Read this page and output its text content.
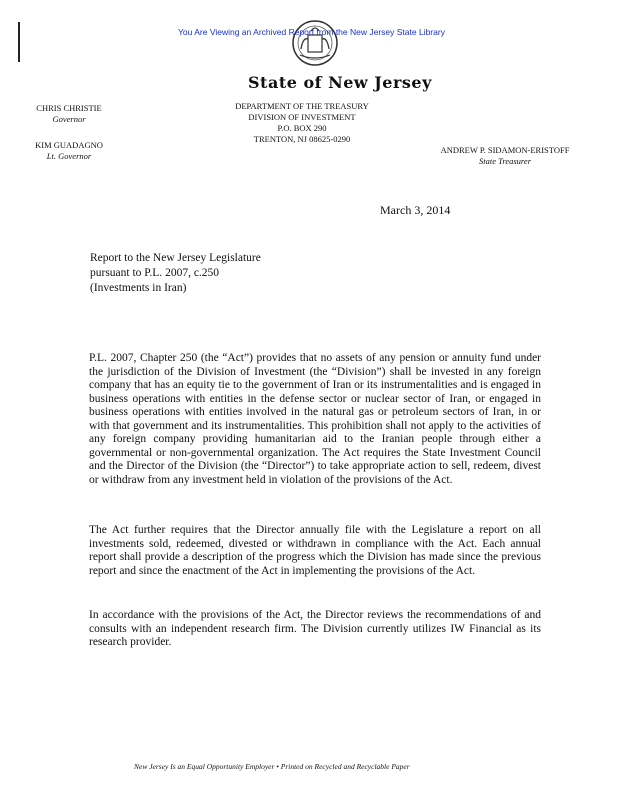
You Are Viewing an Archived Report from the New Jersey State Library
State of New Jersey
DEPARTMENT OF THE TREASURY
DIVISION OF INVESTMENT
P.O. BOX 290
TRENTON, NJ 08625-0290
CHRIS CHRISTIE
Governor
KIM GUADAGNO
Lt. Governor
ANDREW P. SIDAMON-ERISTOFF
State Treasurer
March 3, 2014
Report to the New Jersey Legislature
pursuant to P.L. 2007, c.250
(Investments in Iran)
P.L. 2007, Chapter 250 (the “Act”) provides that no assets of any pension or annuity fund under the jurisdiction of the Division of Investment (the “Division”) shall be invested in any foreign company that has an equity tie to the government of Iran or its instrumentalities and is engaged in business operations with entities in the defense sector or nuclear sector of Iran, or engaged in business operations with entities involved in the natural gas or petroleum sectors of Iran, in or with that government and its instrumentalities. This prohibition shall not apply to the activities of any foreign company providing humanitarian aid to the Iranian people through either a governmental or non-governmental organization. The Act requires the State Investment Council and the Director of the Division (the “Director”) to take appropriate action to sell, redeem, divest or withdraw from any investment held in violation of the provisions of the Act.
The Act further requires that the Director annually file with the Legislature a report on all investments sold, redeemed, divested or withdrawn in compliance with the Act. Each annual report shall provide a description of the progress which the Division has made since the previous report and since the enactment of the Act in implementing the provisions of the Act.
In accordance with the provisions of the Act, the Director reviews the recommendations of and consults with an independent research firm. The Division currently utilizes IW Financial as its research provider.
New Jersey Is an Equal Opportunity Employer • Printed on Recycled and Recyclable Paper
